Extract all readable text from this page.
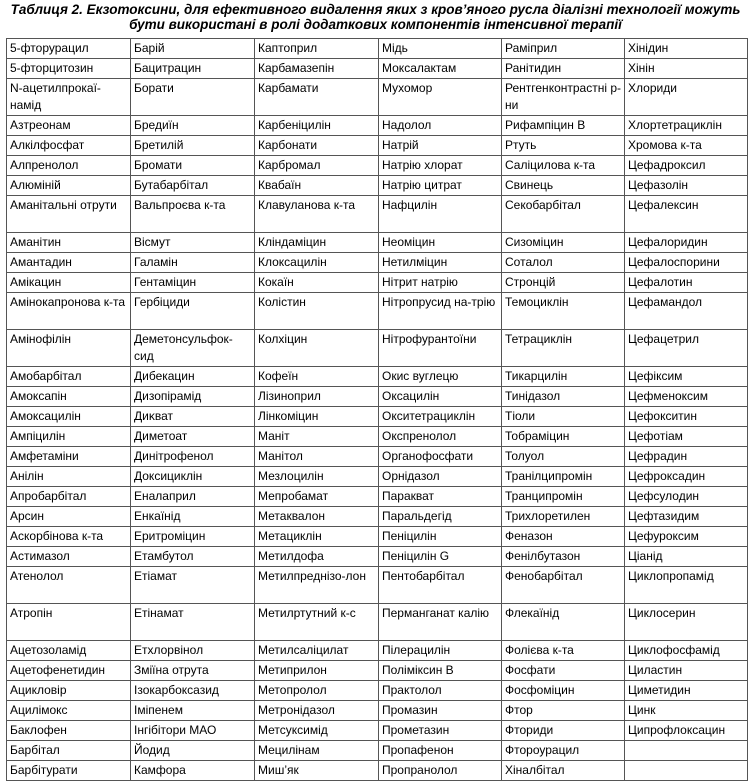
Таблиця 2. Екзотоксини, для ефективного видалення яких з кров’яного русла діалізні технології можуть
бути використані в ролі додаткових компонентів інтенсивної терапії
5-фторурацил	Барій	Каптоприл	Мідь	Раміприл	Хінідин
5-фторцитозин	Бацитрацин	Карбамазепін	Моксалактам	Ранітидин	Хінін
N-ацетилпрокаї-намід	Борати	Карбамати	Мухомор	Рентгенконтрастні р-ни	Хлориди
Азтреонам	Бредиїн	Карбеніцилін	Надолол	Рифампіцин В	Хлортетрациклін
Алкілфосфат	Бретилій	Карбонати	Натрій	Ртуть	Хромова к-та
Алпренолол	Бромати	Карбромал	Натрію хлорат	Саліцилова к-та	Цефадроксил
Алюміній	Бутабарбітал	Квабаїн	Натрію цитрат	Свинець	Цефазолін
Аманітальні отрути	Вальпроєва к-та	Клавуланова к-та	Нафцилін	Секобарбітал	Цефалексин
Аманітин	Вісмут	Кліндаміцин	Неоміцин	Сизоміцин	Цефалоридин
Амантадин	Галамін	Клоксацилін	Нетилміцин	Соталол	Цефалоспорини
Амікацин	Гентаміцин	Кокаїн	Нітрит натрію	Стронцій	Цефалотин
Амінокапронова к-та	Гербіциди	Колістин	Нітропрусид на-трію	Темоциклін	Цефамандол
Амінофілін	Деметонсульфок-сид	Колхіцин	Нітрофурантоїни	Тетрациклін	Цефацетрил
Амобарбітал	Дибекацин	Кофеїн	Окис вуглецю	Тикарцилін	Цефіксим
Амоксапін	Дизопірамід	Лізиноприл	Оксацилін	Тинідазол	Цефменоксим
Амоксацилін	Диκват	Лінкоміцин	Окситетрациклін	Тіоли	Цефокситин
Ампіцилін	Диметоат	Маніт	Окспренолол	Тобраміцин	Цефотіам
Амфетаміни	Динітрофенол	Манітол	Органофосфати	Толуол	Цефрадин
Анілін	Доксициклін	Мезлоцилін	Орнідазол	Транілципромін	Цефроксадин
Апробарбітал	Еналаприл	Мепробамат	Паракват	Транципромін	Цефсулодин
Арсин	Енкаїнід	Метаквалон	Паральдегід	Трихлоретилен	Цефтазидим
Аскорбінова к-та	Еритроміцин	Метациклін	Пеніцилін	Феназон	Цефуроксим
Астимазол	Етамбутол	Метилдофа	Пеніцилін G	Фенілбутазон	Ціанід
Атенолол	Етіамат	Метилпреднізо-лон	Пентобарбітал	Фенобарбітал	Циклопропамід
Атропін	Етінамат	Метилртутний к-с	Перманганат калію	Флекаїнід	Циклосерин
Ацетозоламід	Етхлорвінол	Метилсаліцилат	Пілерацилін	Фолієва к-та	Циклофосфамід
Ацетофенетидин	Зміїна отрута	Метиприлон	Поліміксин В	Фосфати	Циластин
Ацикловір	Ізокарбоксазид	Метопролол	Практолол	Фосфоміцин	Циметидин
Ацилімокс	Іміпенем	Метронідазол	Промазин	Фтор	Цинк
Баклофен	Інгібітори МАО	Метсуксимід	Прометазин	Фториди	Ципрофлоксацин
Барбітал	Йодид	Мецилінам	Пропафенон	Фтороурацил	
Барбітурати	Камфора	Миш’як	Пропранолол	Хіналбітал	
